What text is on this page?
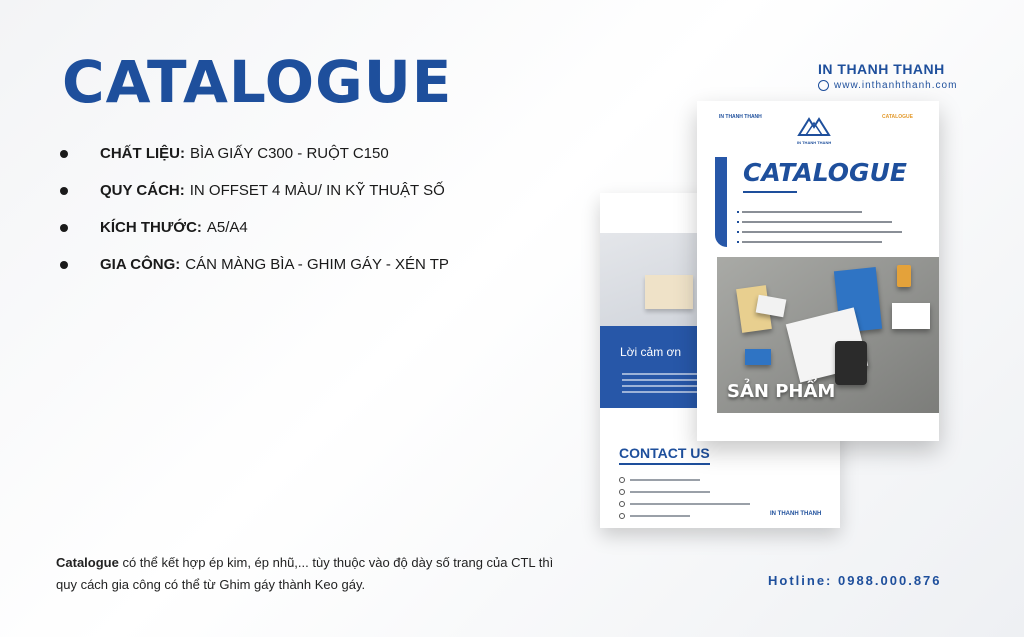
CATALOGUE
CHẤT LIỆU: BÌA GIẤY C300 - RUỘT C150
QUY CÁCH: IN OFFSET 4 MÀU/ IN KỸ THUẬT SỐ
KÍCH THƯỚC: A5/A4
GIA CÔNG: CÁN MÀNG BÌA - GHIM GÁY - XÉN TP

Catalogue có thể kết hợp ép kim, ép nhũ,... tùy thuộc vào độ dày số trang của CTL thì quy cách gia công có thể từ Ghim gáy thành Keo gáy.

IN THANH THANH
www.inthanhthanh.com
Hotline: 0988.000.876
Lời cảm ơn
CONTACT US
IN THANH THANH
IN THANH THANH	CATALOGUE
IN THANH THANH
CATALOGUE
SẢN PHẨM
